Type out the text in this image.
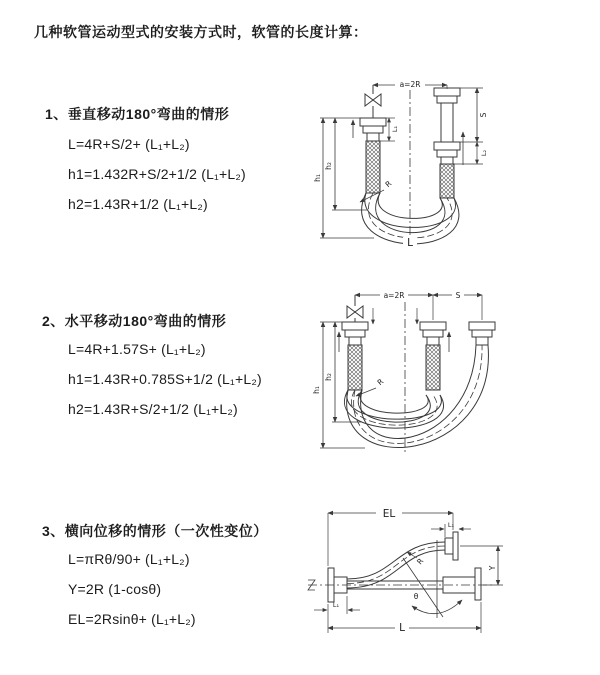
几种软管运动型式的安装方式时，软管的长度计算：
1、垂直移动180°弯曲的情形
L=4R+S/2+ (L₁+L₂)
h1=1.432R+S/2+1/2 (L₁+L₂)
h2=1.43R+1/2 (L₁+L₂)
2、水平移动180°弯曲的情形
L=4R+1.57S+ (L₁+L₂)
h1=1.43R+0.785S+1/2 (L₁+L₂)
h2=1.43R+S/2+1/2 (L₁+L₂)
3、横向位移的情形（一次性变位）
L=πRθ/90+ (L₁+L₂)
Y=2R (1-cosθ)
EL=2Rsinθ+ (L₁+L₂)
a=2R
h₁
h₂
L₁
S
L₂
R
L
a=2R	S
h₁
h₂	R
EL
L₁
Y
R
θ
L
L₁
